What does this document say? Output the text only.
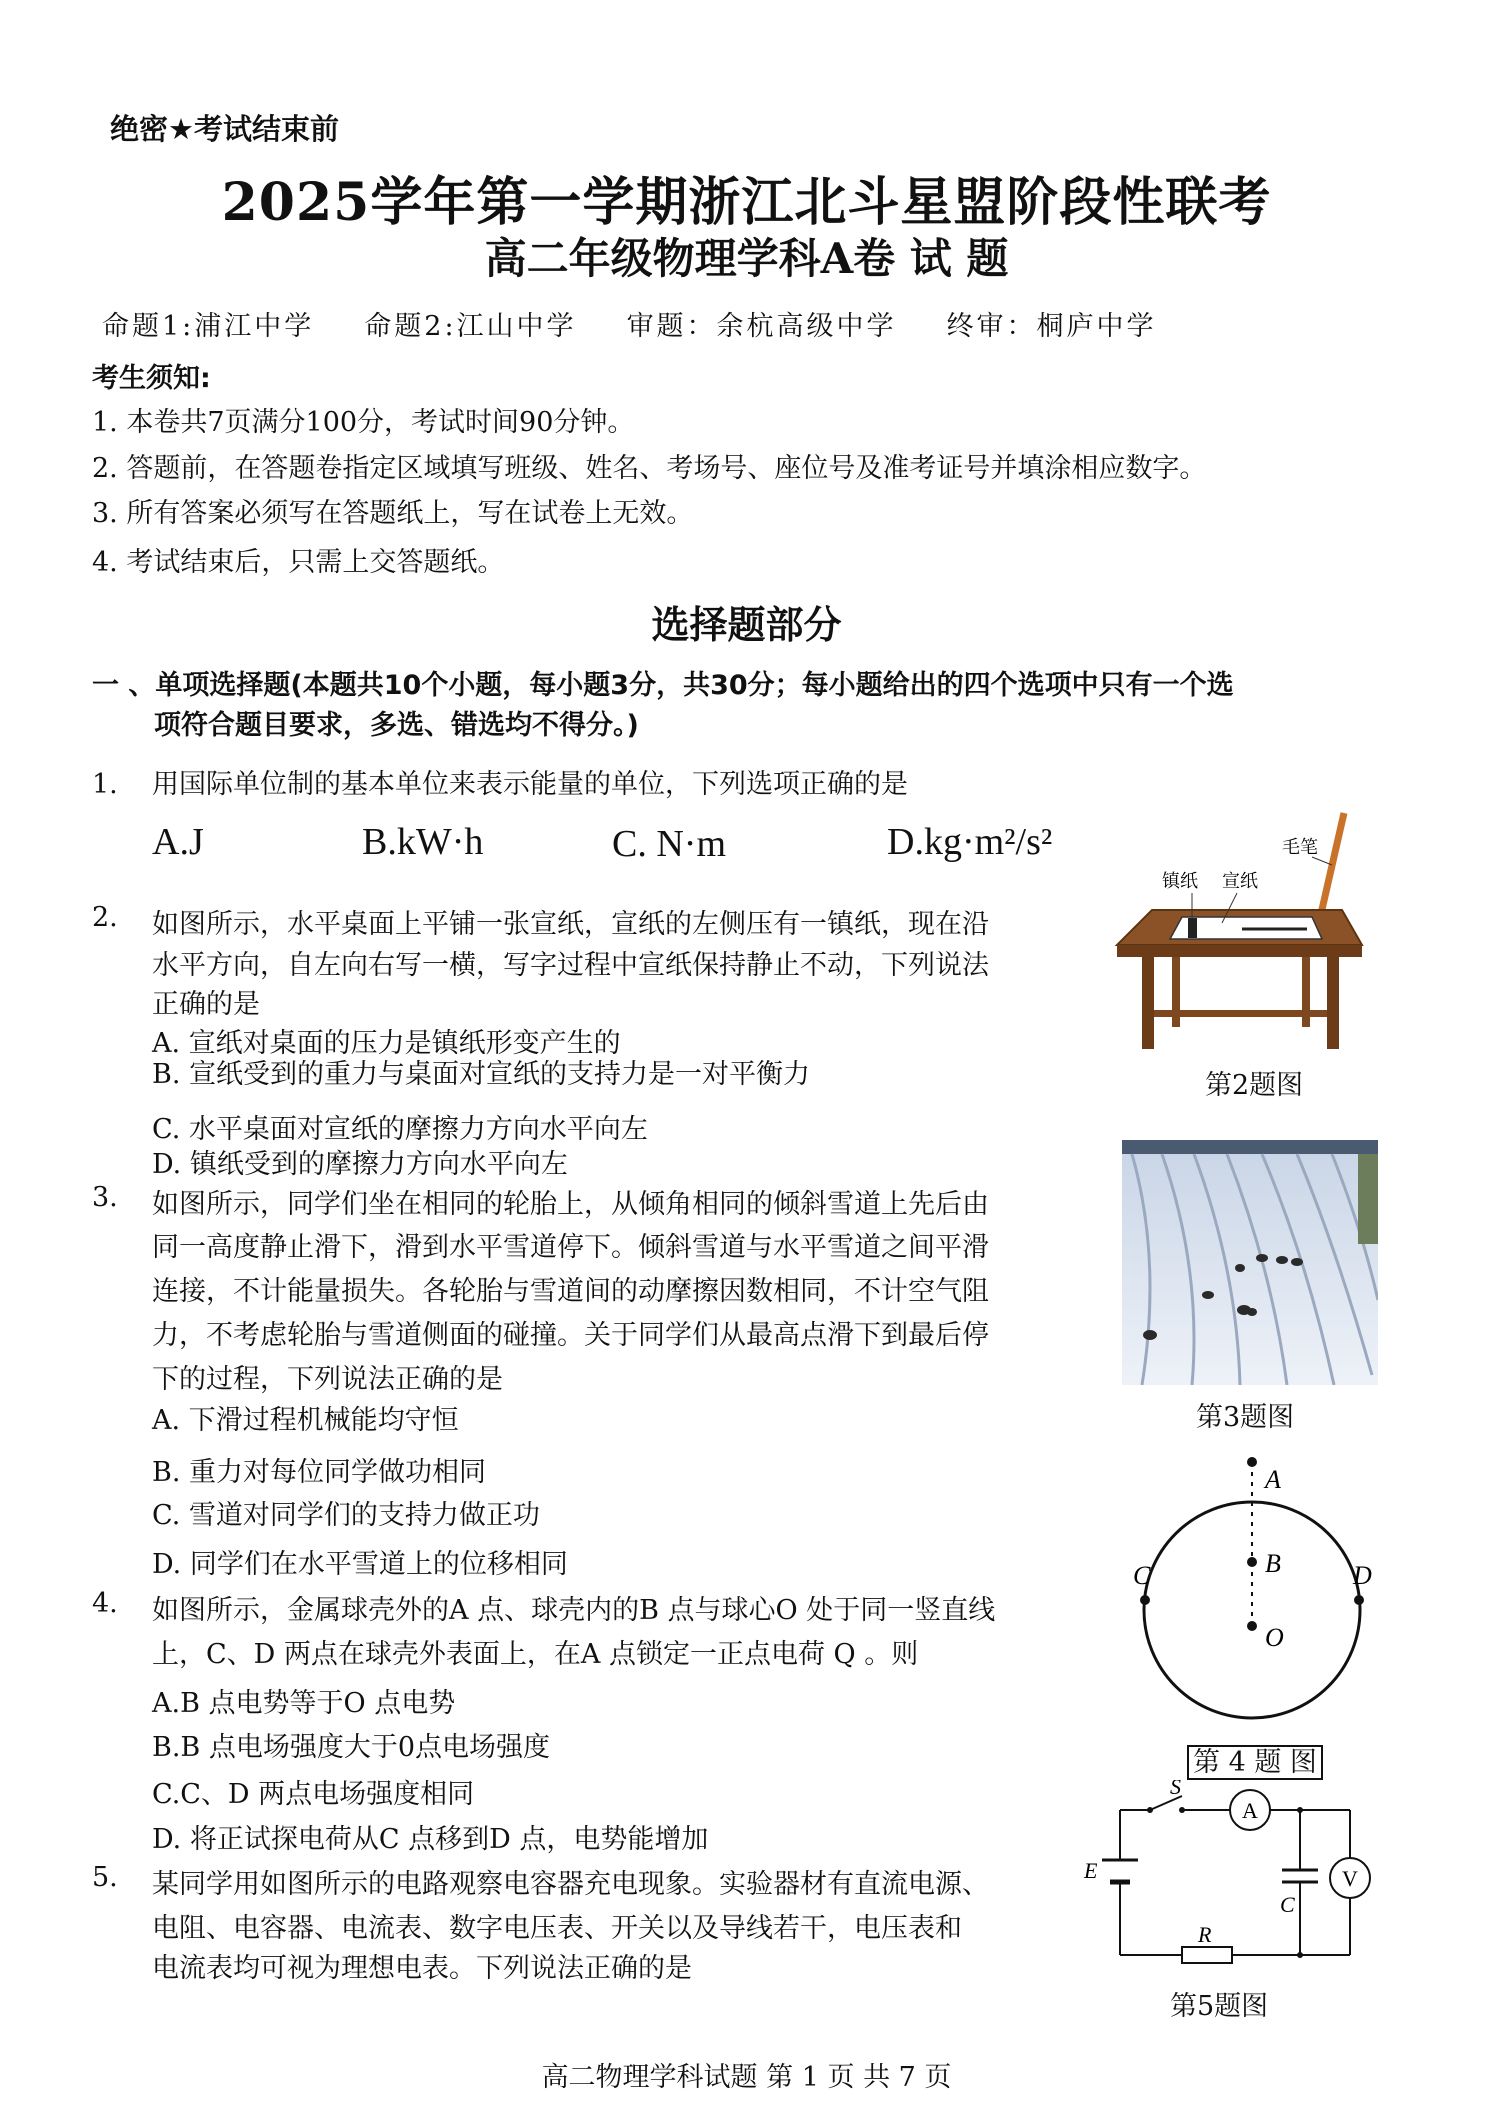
绝密★考试结束前
2025学年第一学期浙江北斗星盟阶段性联考
高二年级物理学科A卷 试 题
命题1:浦江中学 命题2:江山中学 审题：余杭高级中学 终审：桐庐中学
考生须知:
1. 本卷共7页满分100分，考试时间90分钟。
2. 答题前，在答题卷指定区域填写班级、姓名、考场号、座位号及准考证号并填涂相应数字。
3. 所有答案必须写在答题纸上，写在试卷上无效。
4. 考试结束后，只需上交答题纸。
选择题部分
一 、单项选择题(本题共10个小题，每小题3分，共30分；每小题给出的四个选项中只有一个选
项符合题目要求，多选、错选均不得分。)
1. 用国际单位制的基本单位来表示能量的单位，下列选项正确的是
A.J	B.kW·h	C. N·m	D.kg·m²/s²
2. 如图所示，水平桌面上平铺一张宣纸，宣纸的左侧压有一镇纸，现在沿
水平方向，自左向右写一横，写字过程中宣纸保持静止不动，下列说法
正确的是
A. 宣纸对桌面的压力是镇纸形变产生的
B. 宣纸受到的重力与桌面对宣纸的支持力是一对平衡力
C. 水平桌面对宣纸的摩擦力方向水平向左
D. 镇纸受到的摩擦力方向水平向左
毛笔
镇纸 宣纸
第2题图
3. 如图所示，同学们坐在相同的轮胎上，从倾角相同的倾斜雪道上先后由
同一高度静止滑下，滑到水平雪道停下。倾斜雪道与水平雪道之间平滑
连接，不计能量损失。各轮胎与雪道间的动摩擦因数相同，不计空气阻
力，不考虑轮胎与雪道侧面的碰撞。关于同学们从最高点滑下到最后停
下的过程，下列说法正确的是
A. 下滑过程机械能均守恒
B. 重力对每位同学做功相同
C. 雪道对同学们的支持力做正功
D. 同学们在水平雪道上的位移相同
第3题图
A
B
O
C	D
第 4 题 图
4. 如图所示，金属球壳外的A 点、球壳内的B 点与球心O 处于同一竖直线
上，C、D 两点在球壳外表面上，在A 点锁定一正点电荷 Q 。则
A.B 点电势等于O 点电势
B.B 点电场强度大于0点电场强度
C.C、D 两点电场强度相同
D. 将正试探电荷从C 点移到D 点，电势能增加
5. 某同学用如图所示的电路观察电容器充电现象。实验器材有直流电源、
电阻、电容器、电流表、数字电压表、开关以及导线若干，电压表和
电流表均可视为理想电表。下列说法正确的是
S
A
V
E
C
R
第5题图
高二物理学科试题 第 1 页 共 7 页
